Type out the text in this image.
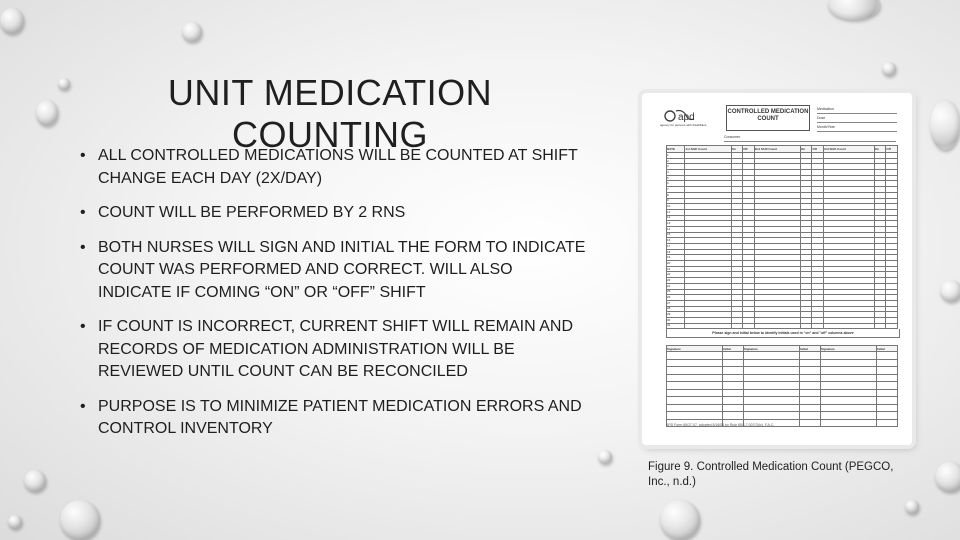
UNIT MEDICATION COUNTING
• ALL CONTROLLED MEDICATIONS WILL BE COUNTED AT SHIFT CHANGE EACH DAY (2X/DAY)
• COUNT WILL BE PERFORMED BY 2 RNS
• BOTH NURSES WILL SIGN AND INITIAL THE FORM TO INDICATE COUNT WAS PERFORMED AND CORRECT. WILL ALSO INDICATE IF COMING “ON” OR “OFF” SHIFT
• IF COUNT IS INCORRECT, CURRENT SHIFT WILL REMAIN AND RECORDS OF MEDICATION ADMINISTRATION WILL BE REVIEWED UNTIL COUNT CAN BE RECONCILED
• PURPOSE IS TO MINIMIZE PATIENT MEDICATION ERRORS AND CONTROL INVENTORY
apd
agency for persons with disabilities
CONTROLLED MEDICATION COUNT
Medication
Dose
Month/Year
Consumer
DATE	1st Shift Count	On	Off	2nd Shift Count	On	Off	3rd Shift Count	On	Off
1									
2									
3									
4									
5									
6									
7									
8									
9									
10									
11									
12									
13									
14									
15									
16									
17									
18									
19									
20									
21									
22									
23									
24									
25									
26									
27									
28									
29									
30									
31									
Please sign and initial below to identify initials used in "on" and "off" columns above
Signature	Initial	Signature	Initial	Signature	Initial

APD Form 65G7-07, adopted 5/16/06 by Rule 65G-7.007(3)(c), F.A.C.
Figure 9. Controlled Medication Count (PEGCO, Inc., n.d.)
